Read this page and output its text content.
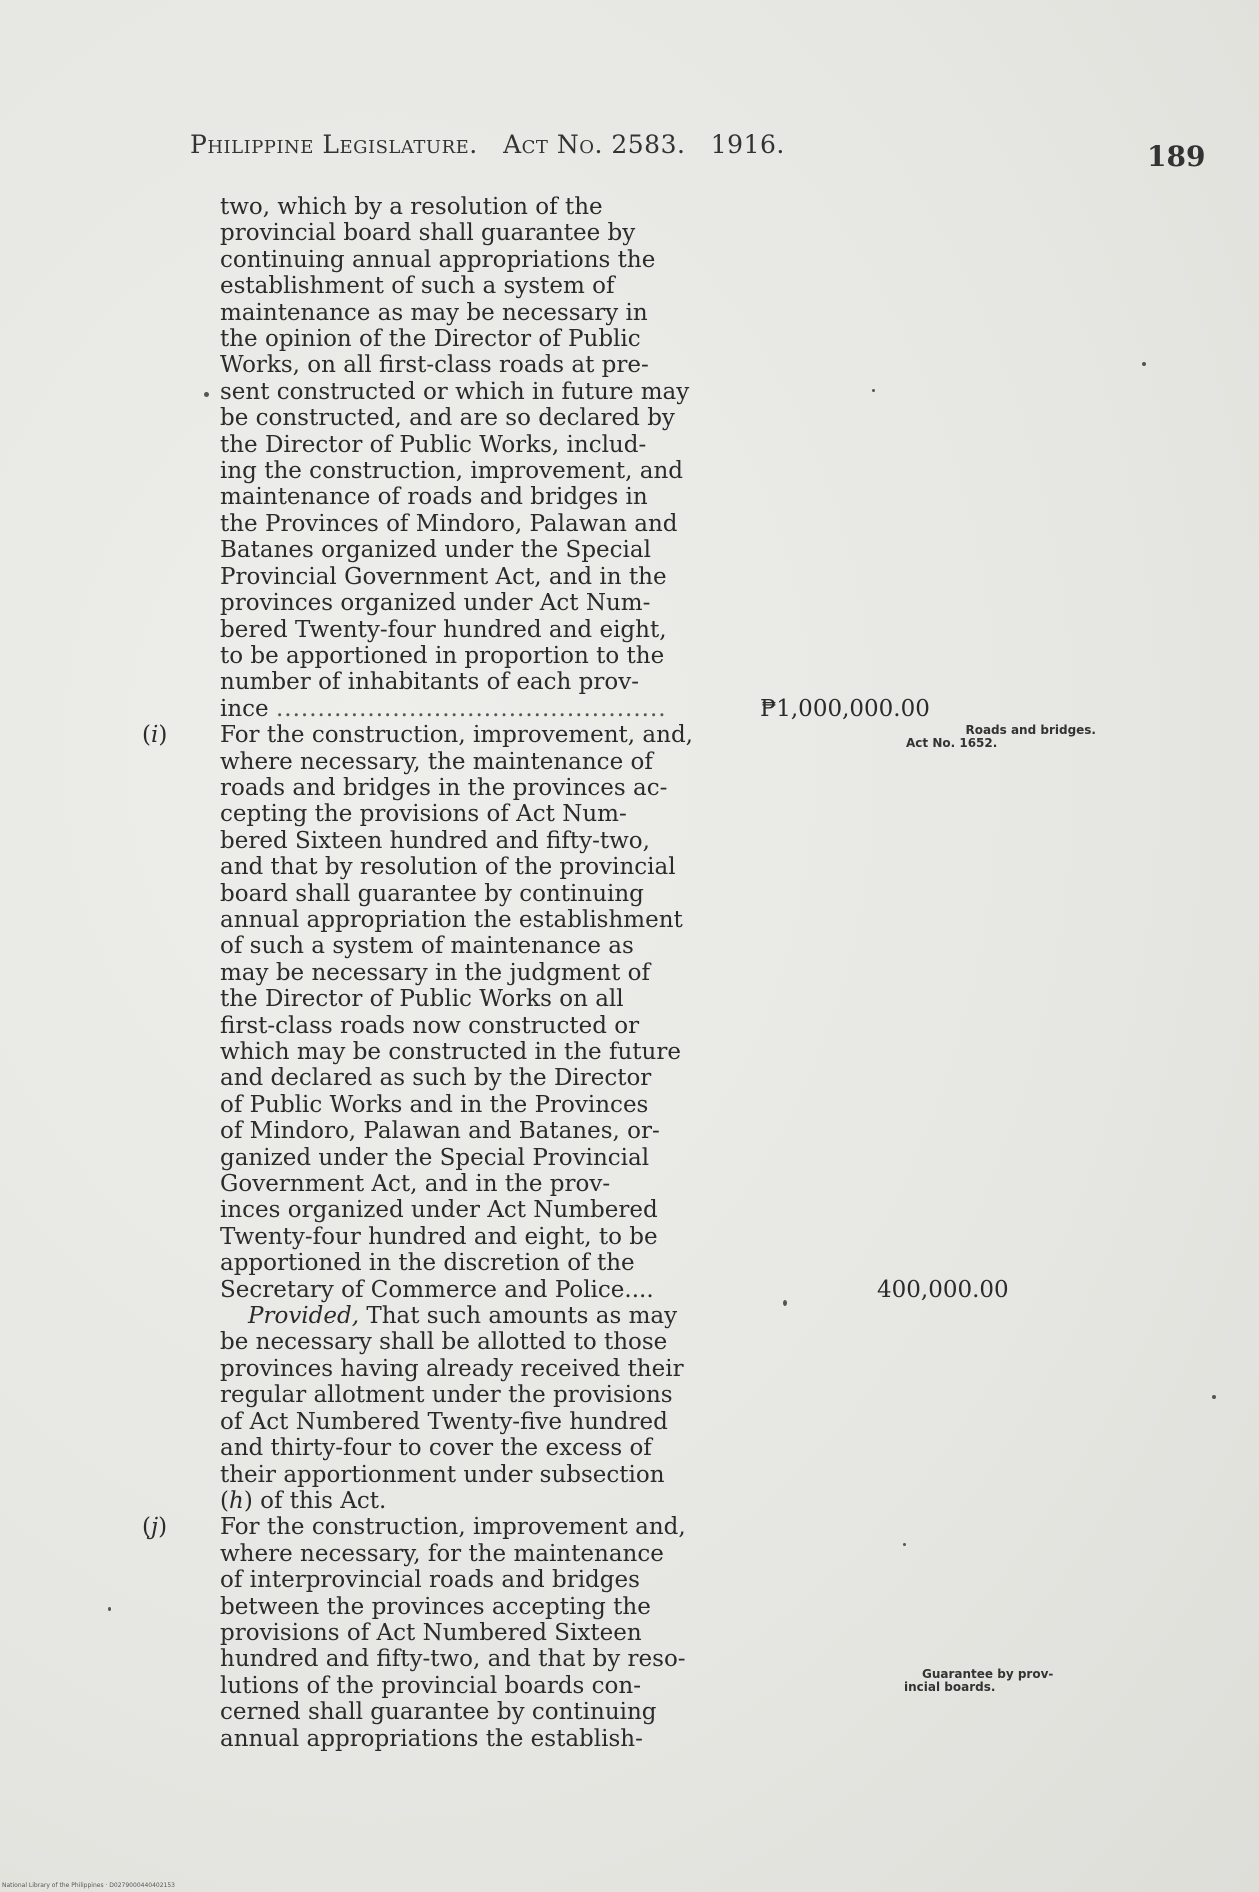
Philippine Legislature. Act No. 2583. 1916.	189
two, which by a resolution of the
provincial board shall guarantee by
continuing annual appropriations the
establishment of such a system of
maintenance as may be necessary in
the opinion of the Director of Public
Works, on all first-class roads at pre-
sent constructed or which in future may
be constructed, and are so declared by
the Director of Public Works, includ-
ing the construction, improvement, and
maintenance of roads and bridges in
the Provinces of Mindoro, Palawan and
Batanes organized under the Special
Provincial Government Act, and in the
provinces organized under Act Num-
bered Twenty-four hundred and eight,
to be apportioned in proportion to the
number of inhabitants of each prov-
ince ...............................................	₱1,000,000.00
(i) For the construction, improvement, and,
where necessary, the maintenance of
roads and bridges in the provinces ac-
cepting the provisions of Act Num-
bered Sixteen hundred and fifty-two,
and that by resolution of the provincial
board shall guarantee by continuing
annual appropriation the establishment
of such a system of maintenance as
may be necessary in the judgment of
the Director of Public Works on all
first-class roads now constructed or
which may be constructed in the future
and declared as such by the Director
of Public Works and in the Provinces
of Mindoro, Palawan and Batanes, or-
ganized under the Special Provincial
Government Act, and in the prov-
inces organized under Act Numbered
Twenty-four hundred and eight, to be
apportioned in the discretion of the
Secretary of Commerce and Police....	400,000.00
Provided, That such amounts as may
be necessary shall be allotted to those
provinces having already received their
regular allotment under the provisions
of Act Numbered Twenty-five hundred
and thirty-four to cover the excess of
their apportionment under subsection
(h) of this Act.
(j) For the construction, improvement and,
where necessary, for the maintenance
of interprovincial roads and bridges
between the provinces accepting the
provisions of Act Numbered Sixteen
hundred and fifty-two, and that by reso-
lutions of the provincial boards con-
cerned shall guarantee by continuing
annual appropriations the establish-
Roads and bridges.
Act No. 1652.
Guarantee by prov-
incial boards.
National Library of the Philippines · D0279000440402153
